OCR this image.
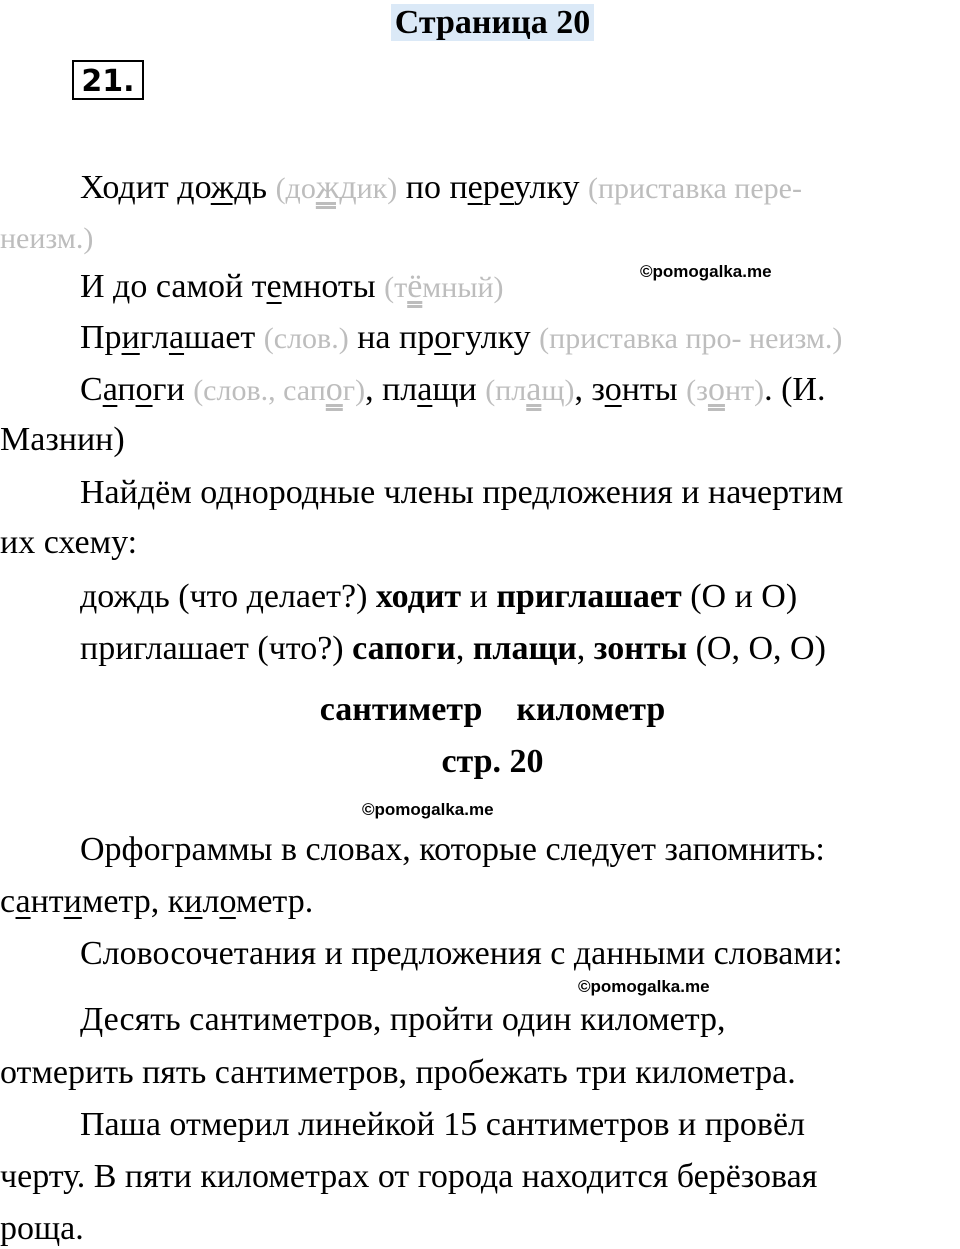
Страница 20
21.
Ходит дождь (дождик) по переулку (приставка пере-
неизм.)
И до самой темноты (тёмный)
Приглашает (слов.) на прогулку (приставка про- неизм.)
Сапоги (слов., сапог), плащи (плащ), зонты (зонт). (И.
Мазнин)
Найдём однородные члены предложения и начертим
их схему:
дождь (что делает?) ходит и приглашает (О и О)
приглашает (что?) сапоги, плащи, зонты (О, О, О)
сантиметр    километр
стр. 20
Орфограммы в словах, которые следует запомнить:
сантиметр, километр.
Словосочетания и предложения с данными словами:
Десять сантиметров, пройти один километр,
отмерить пять сантиметров, пробежать три километра.
Паша отмерил линейкой 15 сантиметров и провёл
черту. В пяти километрах от города находится берёзовая
роща.
©pomogalka.me
©pomogalka.me
©pomogalka.me
